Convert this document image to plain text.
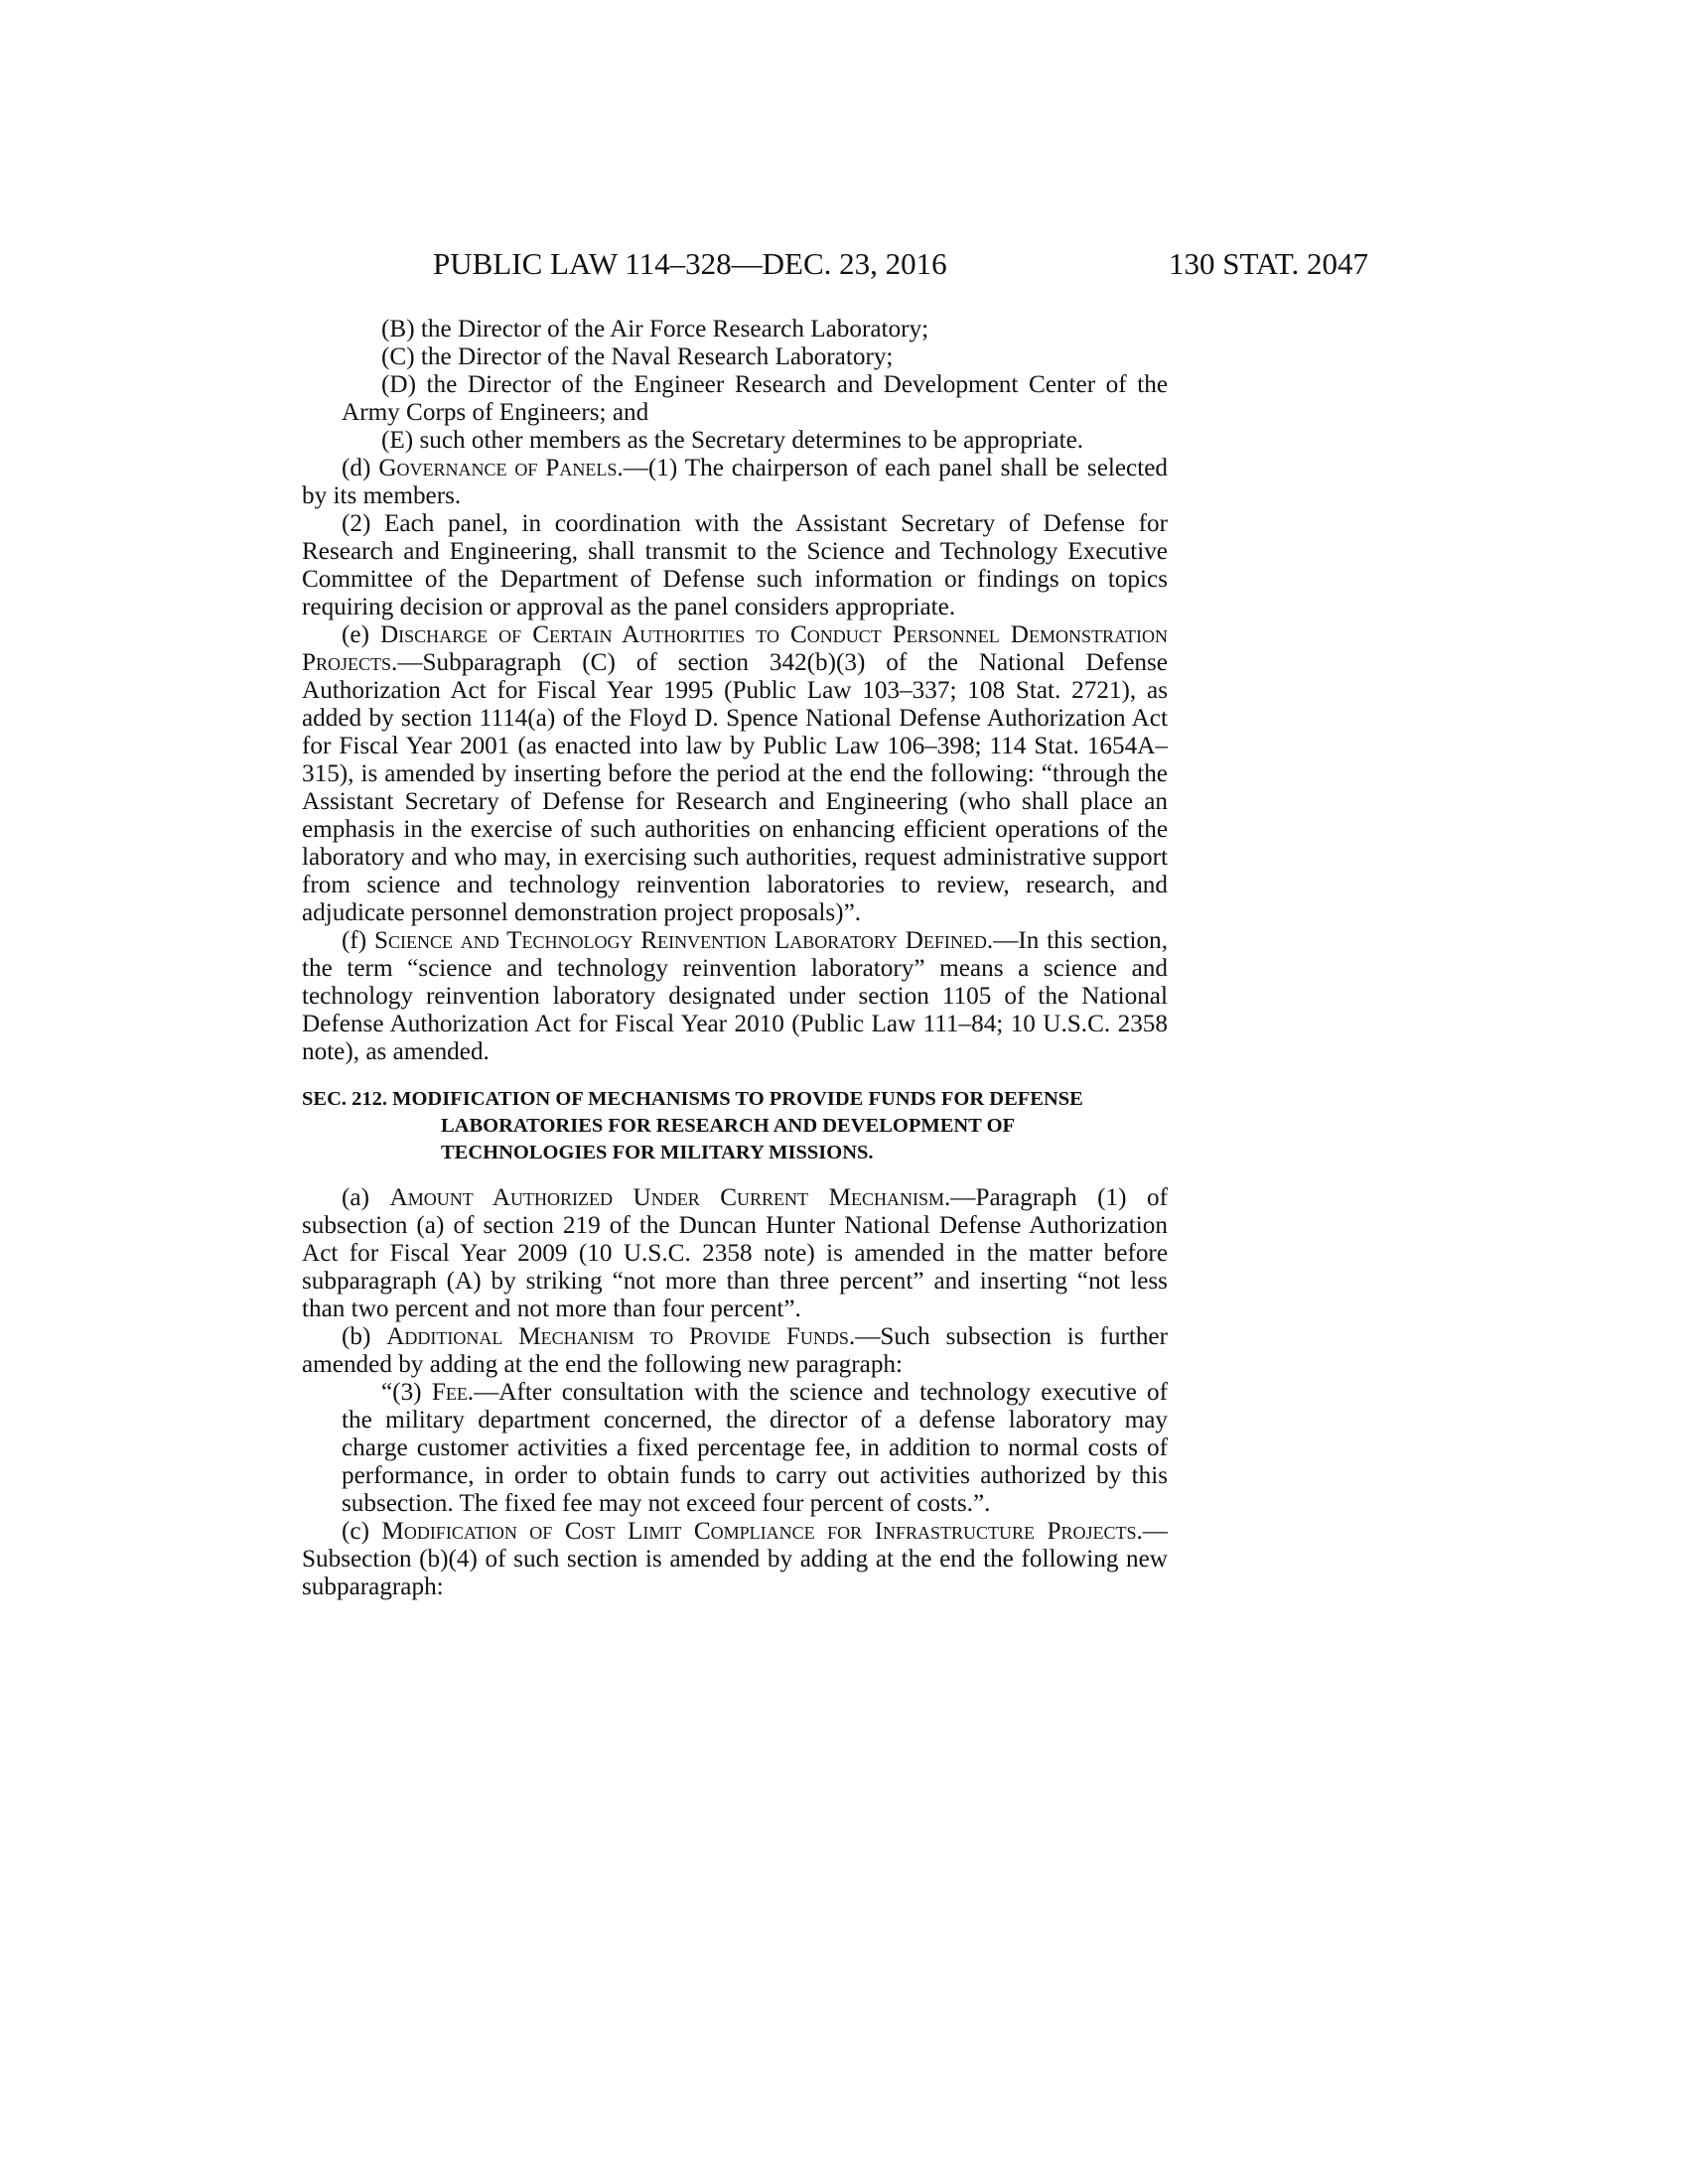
PUBLIC LAW 114–328—DEC. 23, 2016	130 STAT. 2047

(B) the Director of the Air Force Research Laboratory;

(C) the Director of the Naval Research Laboratory;

(D) the Director of the Engineer Research and Development Center of the Army Corps of Engineers; and

(E) such other members as the Secretary determines to be appropriate.

(d) Governance of Panels.—(1) The chairperson of each panel shall be selected by its members.

(2) Each panel, in coordination with the Assistant Secretary of Defense for Research and Engineering, shall transmit to the Science and Technology Executive Committee of the Department of Defense such information or findings on topics requiring decision or approval as the panel considers appropriate.

(e) Discharge of Certain Authorities to Conduct Personnel Demonstration Projects.—Subparagraph (C) of section 342(b)(3) of the National Defense Authorization Act for Fiscal Year 1995 (Public Law 103–337; 108 Stat. 2721), as added by section 1114(a) of the Floyd D. Spence National Defense Authorization Act for Fiscal Year 2001 (as enacted into law by Public Law 106–398; 114 Stat. 1654A–315), is amended by inserting before the period at the end the following: “through the Assistant Secretary of Defense for Research and Engineering (who shall place an emphasis in the exercise of such authorities on enhancing efficient operations of the laboratory and who may, in exercising such authorities, request administrative support from science and technology reinvention laboratories to review, research, and adjudicate personnel demonstration project proposals)”.

(f) Science and Technology Reinvention Laboratory Defined.—In this section, the term “science and technology reinvention laboratory” means a science and technology reinvention laboratory designated under section 1105 of the National Defense Authorization Act for Fiscal Year 2010 (Public Law 111–84; 10 U.S.C. 2358 note), as amended.

SEC. 212. MODIFICATION OF MECHANISMS TO PROVIDE FUNDS FOR DEFENSE LABORATORIES FOR RESEARCH AND DEVELOPMENT OF TECHNOLOGIES FOR MILITARY MISSIONS.

(a) Amount Authorized Under Current Mechanism.—Paragraph (1) of subsection (a) of section 219 of the Duncan Hunter National Defense Authorization Act for Fiscal Year 2009 (10 U.S.C. 2358 note) is amended in the matter before subparagraph (A) by striking “not more than three percent” and inserting “not less than two percent and not more than four percent”.

(b) Additional Mechanism to Provide Funds.—Such subsection is further amended by adding at the end the following new paragraph:

“(3) Fee.—After consultation with the science and technology executive of the military department concerned, the director of a defense laboratory may charge customer activities a fixed percentage fee, in addition to normal costs of performance, in order to obtain funds to carry out activities authorized by this subsection. The fixed fee may not exceed four percent of costs.”.

(c) Modification of Cost Limit Compliance for Infrastructure Projects.—Subsection (b)(4) of such section is amended by adding at the end the following new subparagraph:
